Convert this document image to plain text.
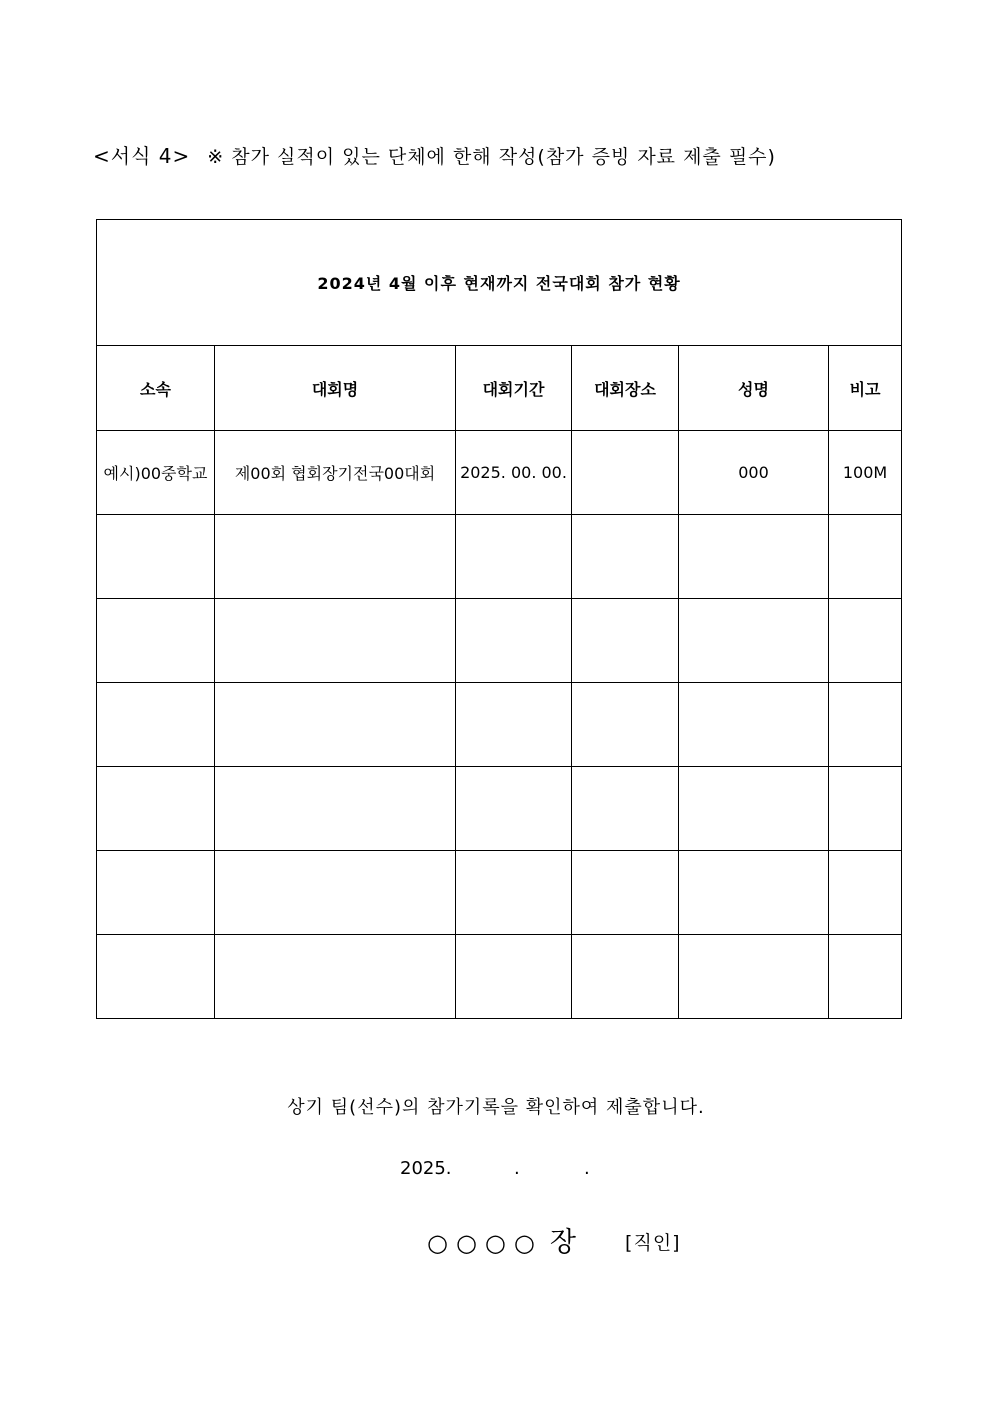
<서식 4> ※ 참가 실적이 있는 단체에 한해 작성(참가 증빙 자료 제출 필수)
2024년 4월 이후 현재까지 전국대회 참가 현황					
소속	대회명	대회기간	대회장소	성명	비고
예시)00중학교	제00회 협회장기전국00대회	2025. 00. 00.		000	100M

상기 팀(선수)의 참가기록을 확인하여 제출합니다.
2025.	.	.
○○○○ 장	[직인]
